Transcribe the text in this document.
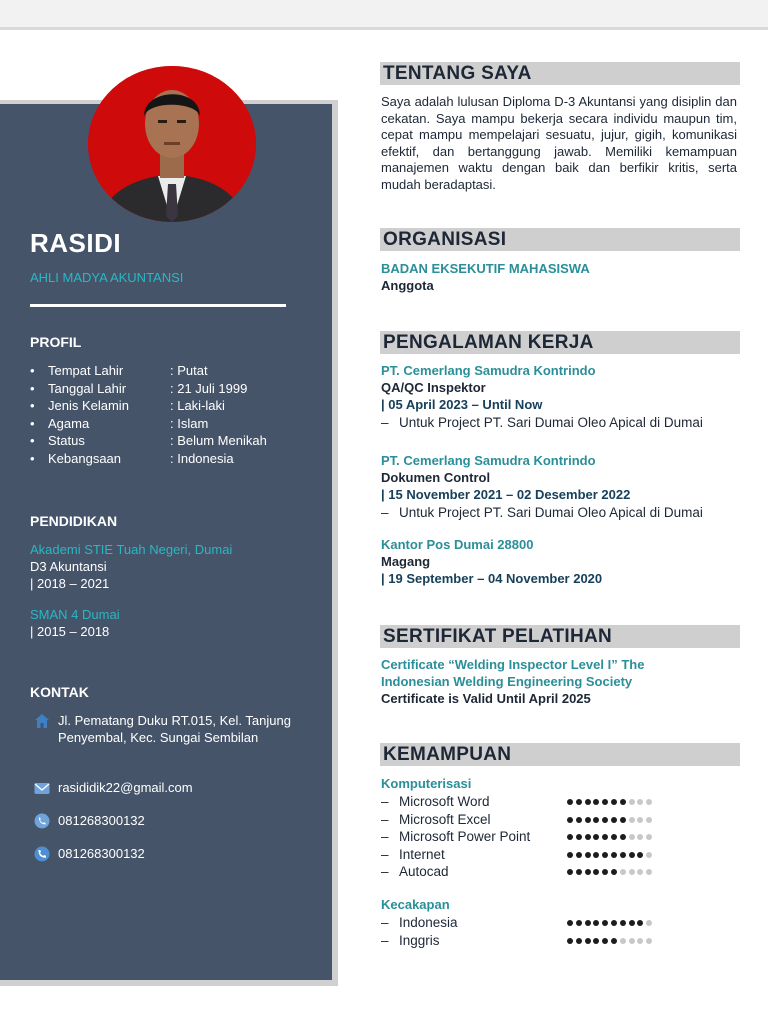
RASIDI
AHLI MADYA AKUNTANSI
PROFIL
• Tempat Lahir	: Putat
• Tanggal Lahir	: 21 Juli 1999
• Jenis Kelamin	: Laki-laki
• Agama	: Islam
• Status	: Belum Menikah
• Kebangsaan	: Indonesia
PENDIDIKAN
Akademi STIE Tuah Negeri, Dumai
D3 Akuntansi
| 2018 – 2021
SMAN 4 Dumai
| 2015 – 2018
KONTAK
Jl. Pematang Duku RT.015, Kel. Tanjung Penyembal, Kec. Sungai Sembilan
rasididik22@gmail.com
081268300132
081268300132
TENTANG SAYA
Saya adalah lulusan Diploma D-3 Akuntansi yang disiplin dan cekatan. Saya mampu bekerja secara individu maupun tim, cepat mampu mempelajari sesuatu, jujur, gigih, komunikasi efektif, dan bertanggung jawab. Memiliki kemampuan manajemen waktu dengan baik dan berfikir kritis, serta mudah beradaptasi.
ORGANISASI
BADAN EKSEKUTIF MAHASISWA
Anggota
PENGALAMAN KERJA
PT. Cemerlang Samudra Kontrindo
QA/QC Inspektor
| 05 April 2023 – Until Now
– Untuk Project PT. Sari Dumai Oleo Apical di Dumai
PT. Cemerlang Samudra Kontrindo
Dokumen Control
| 15 November 2021 – 02 Desember 2022
– Untuk Project PT. Sari Dumai Oleo Apical di Dumai
Kantor Pos Dumai 28800
Magang
| 19 September – 04 November 2020
SERTIFIKAT PELATIHAN
Certificate “Welding Inspector Level I” The
Indonesian Welding Engineering Society
Certificate is Valid Until April 2025
KEMAMPUAN
Komputerisasi
– Microsoft Word
– Microsoft Excel
– Microsoft Power Point
– Internet
– Autocad
Kecakapan
– Indonesia
– Inggris
